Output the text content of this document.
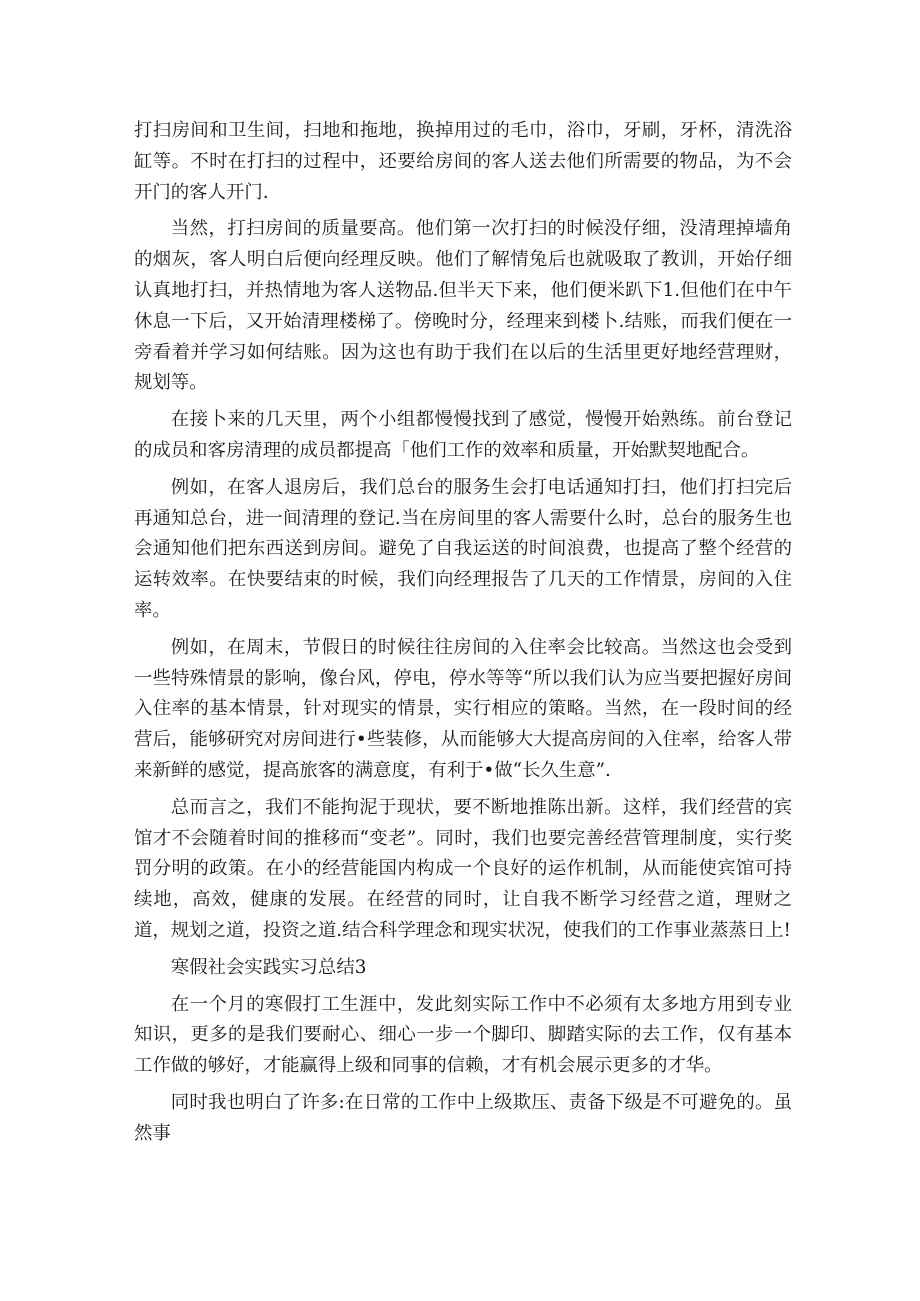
打扫房间和卫生间，扫地和拖地，换掉用过的毛巾，浴巾，牙刷，牙杯，清洗浴缸等。不时在打扫的过程中，还要给房间的客人送去他们所需要的物品，为不会开门的客人开门.

当然，打扫房间的质量要高。他们第一次打扫的时候没仔细，没清理掉墙角的烟灰，客人明白后便向经理反映。他们了解情兔后也就吸取了教训，开始仔细认真地打扫，并热情地为客人送物品.但半天下来，他们便米趴下1.但他们在中午休息一下后，又开始清理楼梯了。傍晚时分，经理来到楼卜.结账，而我们便在一旁看着并学习如何结账。因为这也有助于我们在以后的生活里更好地经营理财，规划等。

在接卜来的几天里，两个小组都慢慢找到了感觉，慢慢开始熟练。前台登记的成员和客房清理的成员都提高「他们工作的效率和质量，开始默契地配合。

例如，在客人退房后，我们总台的服务生会打电话通知打扫，他们打扫完后再通知总台，进一间清理的登记.当在房间里的客人需要什么时，总台的服务生也会通知他们把东西送到房间。避免了自我运送的时间浪费，也提高了整个经营的运转效率。在快要结束的时候，我们向经理报告了几天的工作情景，房间的入住率。

例如，在周末，节假日的时候往往房间的入住率会比较高。当然这也会受到一些特殊情景的影响，像台风，停电，停水等等“所以我们认为应当要把握好房间入住率的基本情景，针对现实的情景，实行相应的策略。当然，在一段时间的经营后，能够研究对房间进行•些装修，从而能够大大提高房间的入住率，给客人带来新鲜的感觉，提高旅客的满意度，有利于•做“长久生意”.

总而言之，我们不能拘泥于现状，要不断地推陈出新。这样，我们经营的宾馆才不会随着时间的推移而“变老”。同时，我们也要完善经营管理制度，实行奖罚分明的政策。在小的经营能国内构成一个良好的运作机制，从而能使宾馆可持续地，高效，健康的发展。在经营的同时，让自我不断学习经营之道，理财之道，规划之道，投资之道.结合科学理念和现实状况，使我们的工作事业蒸蒸日上!

寒假社会实践实习总结3

在一个月的寒假打工生涯中，发此刻实际工作中不必须有太多地方用到专业知识，更多的是我们要耐心、细心一步一个脚印、脚踏实际的去工作，仅有基本工作做的够好，才能赢得上级和同事的信赖，才有机会展示更多的才华。

同时我也明白了许多:在日常的工作中上级欺压、责备下级是不可避免的。虽然事
